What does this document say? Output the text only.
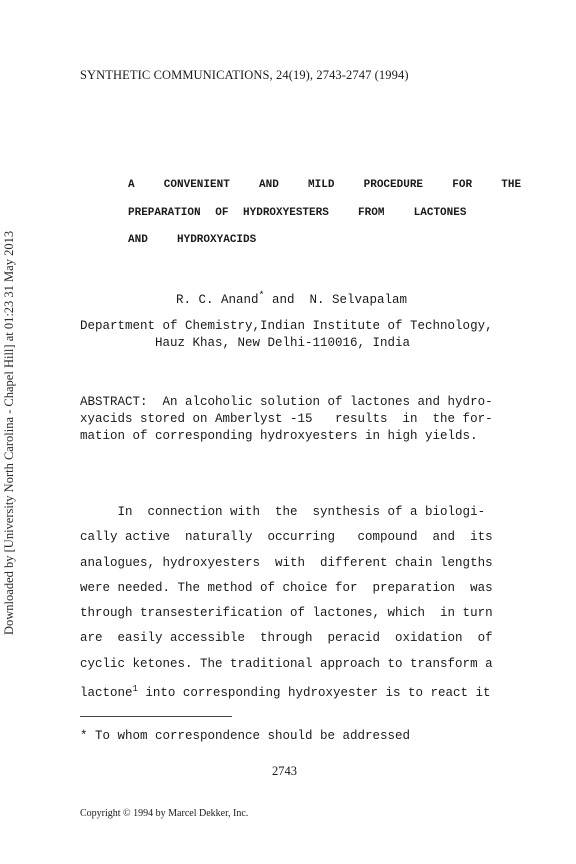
SYNTHETIC COMMUNICATIONS, 24(19), 2743-2747 (1994)
Downloaded by [University North Carolina - Chapel Hill] at 01:23 31 May 2013
A  CONVENIENT  AND  MILD  PROCEDURE  FOR  THE
PREPARATION OF HYDROXYESTERS  FROM  LACTONES
AND  HYDROXYACIDS
R. C. Anand* and  N. Selvapalam
Department of Chemistry,Indian Institute of Technology,
Hauz Khas, New Delhi-110016, India
ABSTRACT:  An alcoholic solution of lactones and hydro-
xyacids stored on Amberlyst -15   results  in  the for-
mation of corresponding hydroxyesters in high yields.
In  connection with  the  synthesis of a biologi-
cally active  naturally  occurring   compound  and  its
analogues, hydroxyesters  with  different chain lengths
were needed. The method of choice for  preparation  was
through transesterification of lactones, which  in turn
are  easily accessible  through  peracid  oxidation  of
cyclic ketones. The traditional approach to transform a
lactone$^1$ into corresponding hydroxyester is to react it
* To whom correspondence should be addressed
2743
Copyright © 1994 by Marcel Dekker, Inc.
